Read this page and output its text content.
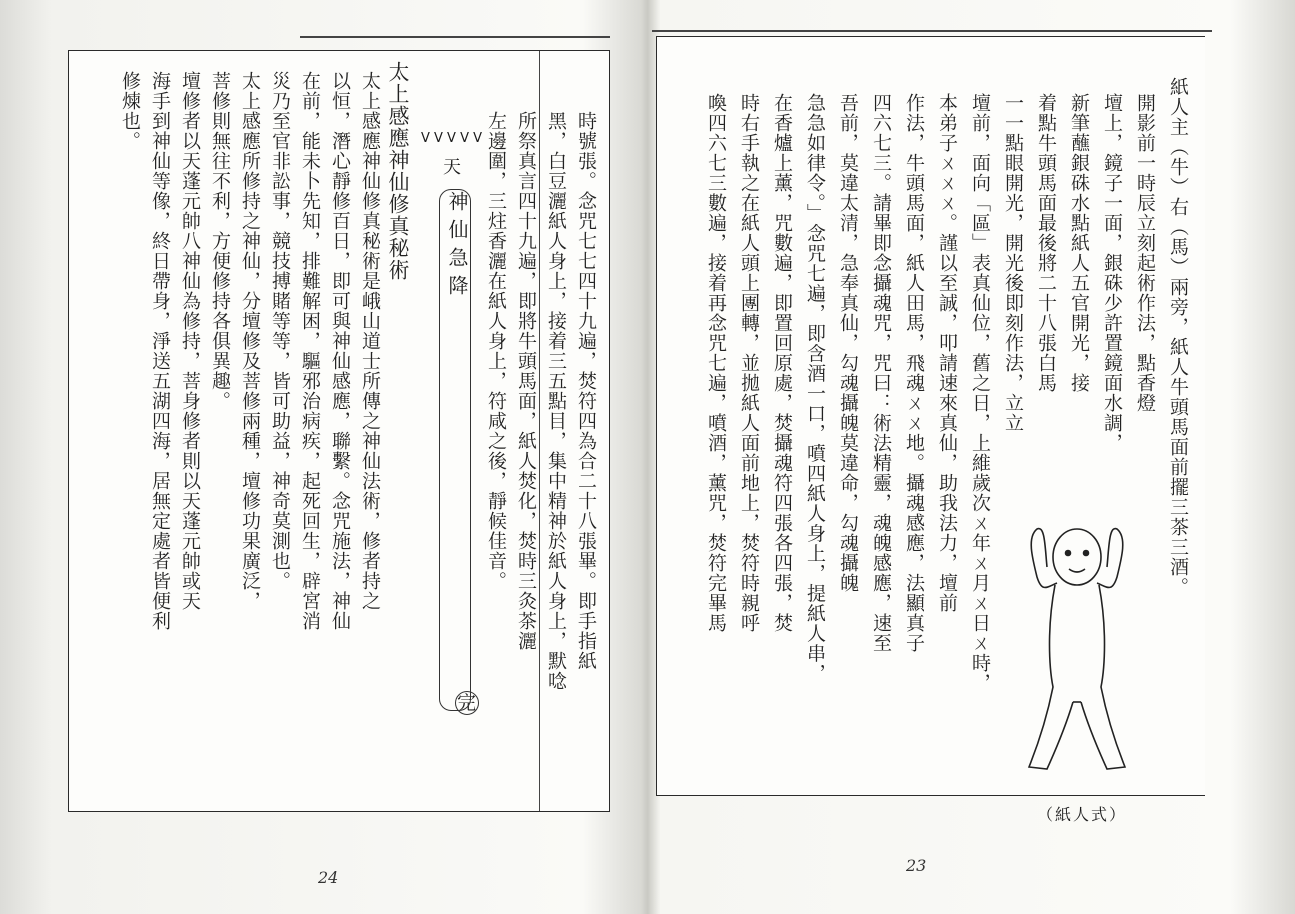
時號張。念咒七七四十九遍，焚符四為合二十八張畢。即手指紙
黑，白豆灑紙人身上，接着三五點目，集中精神於紙人身上，默唸
所祭真言四十九遍，即將牛頭馬面，紙人焚化，焚時三灸茶灑
左邊圍，三炷香灑在紙人身上，符咸之後，靜候佳音。
完
太上感應神仙修真秘術 V V V V V
天
神仙急降
太上感應神仙修真秘術是峨山道士所傳之神仙法術，修者持之
以恒，潛心靜修百日，即可與神仙感應，聯繫。念咒施法，神仙
在前，能未卜先知，排難解困，驅邪治病疾，起死回生，辟宮消
災乃至官非訟事，競技搏賭等等，皆可助益，神奇莫測也。
太上感應所修持之神仙，分壇修及菩修兩種，壇修功果廣泛，
菩修則無往不利，方便修持各俱異趣。
壇修者以天蓬元帥八神仙為修持，菩身修者則以天蓬元帥或天
海手到神仙等像，終日帶身，淨送五湖四海，居無定處者皆便利
修煉也。
24
紙人主（牛）右（馬）兩旁，紙人牛頭馬面前擺三茶三酒。
開影前一時辰立刻起術作法，點香燈
壇上，鏡子一面，銀硃少許置鏡面水調，
新筆蘸銀硃水點紙人五官開光，接
着點牛頭馬面最後將二十八張白馬
一一點眼開光，開光後即刻作法，立立
壇前，面向「區」表真仙位，舊之日，上維歲次ㄨ年ㄨ月ㄨ日ㄨ時，
本弟子ㄨㄨㄨ。謹以至誠，叩請速來真仙，助我法力，壇前
作法，牛頭馬面，紙人田馬，飛魂ㄨㄨ地。攝魂感應，法顯真子
四六七三。請畢即念攝魂咒，咒曰：術法精靈，魂魄感應，速至
吾前，莫違太清，急奉真仙，勾魂攝魄莫違命，勾魂攝魄
急急如律令。」念咒七遍，即含酒一口，噴四紙人身上，提紙人串，
在香爐上薰，咒數遍，即置回原處，焚攝魂符四張各四張，焚
時右手執之在紙人頭上團轉，並拋紙人面前地上，焚符時親呼
喚四六七三數遍，接着再念咒七遍，噴酒，薰咒，焚符完畢馬
（紙人式）
23
